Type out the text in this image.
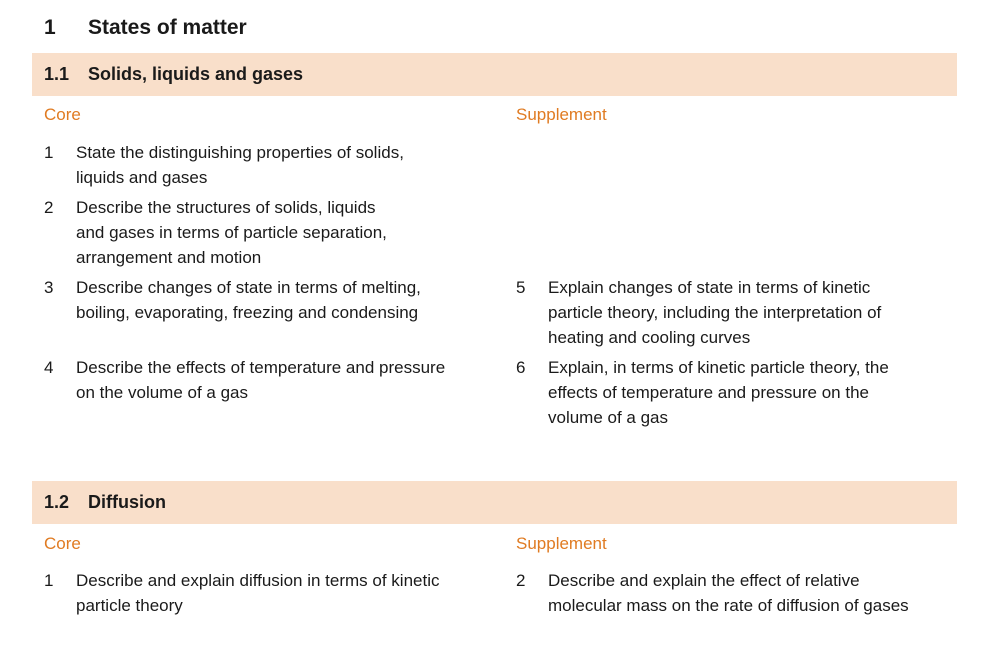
1 States of matter
1.1 Solids, liquids and gases
Core	Supplement
1 State the distinguishing properties of solids,
liquids and gases
2 Describe the structures of solids, liquids
and gases in terms of particle separation,
arrangement and motion
3 Describe changes of state in terms of melting,
boiling, evaporating, freezing and condensing
4 Describe the effects of temperature and pressure
on the volume of a gas
5 Explain changes of state in terms of kinetic
particle theory, including the interpretation of
heating and cooling curves
6 Explain, in terms of kinetic particle theory, the
effects of temperature and pressure on the
volume of a gas
1.2 Diffusion
Core	Supplement
1 Describe and explain diffusion in terms of kinetic
particle theory
2 Describe and explain the effect of relative
molecular mass on the rate of diffusion of gases
